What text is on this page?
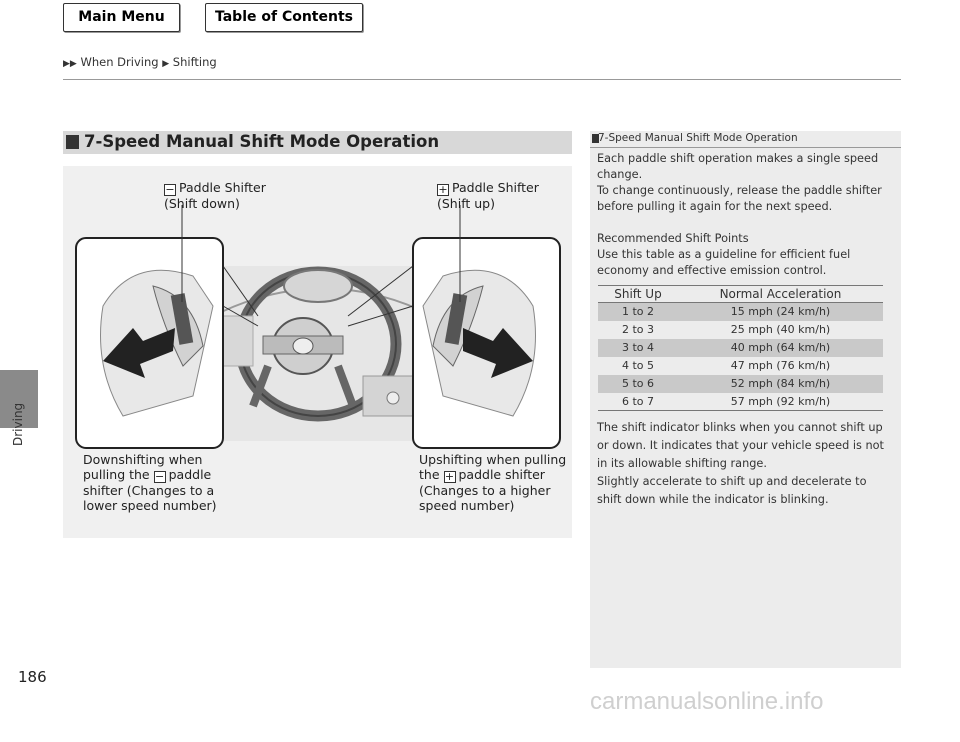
Main Menu	Table of Contents
▶▶ When Driving ▶ Shifting
Driving
186
7-Speed Manual Shift Mode Operation
− Paddle Shifter
(Shift down)
+ Paddle Shifter
(Shift up)
Downshifting when
pulling the − paddle
shifter (Changes to a
lower speed number)
Upshifting when pulling
the + paddle shifter
(Changes to a higher
speed number)
7-Speed Manual Shift Mode Operation

Each paddle shift operation makes a single speed change.
To change continuously, release the paddle shifter before pulling it again for the next speed.

Recommended Shift Points
Use this table as a guideline for efficient fuel economy and effective emission control.

Shift Up	Normal Acceleration
1 to 2	15 mph (24 km/h)
2 to 3	25 mph (40 km/h)
3 to 4	40 mph (64 km/h)
4 to 5	47 mph (76 km/h)
5 to 6	52 mph (84 km/h)
6 to 7	57 mph (92 km/h)
The shift indicator blinks when you cannot shift up or down. It indicates that your vehicle speed is not in its allowable shifting range.
Slightly accelerate to shift up and decelerate to shift down while the indicator is blinking.
carmanualsonline.info
